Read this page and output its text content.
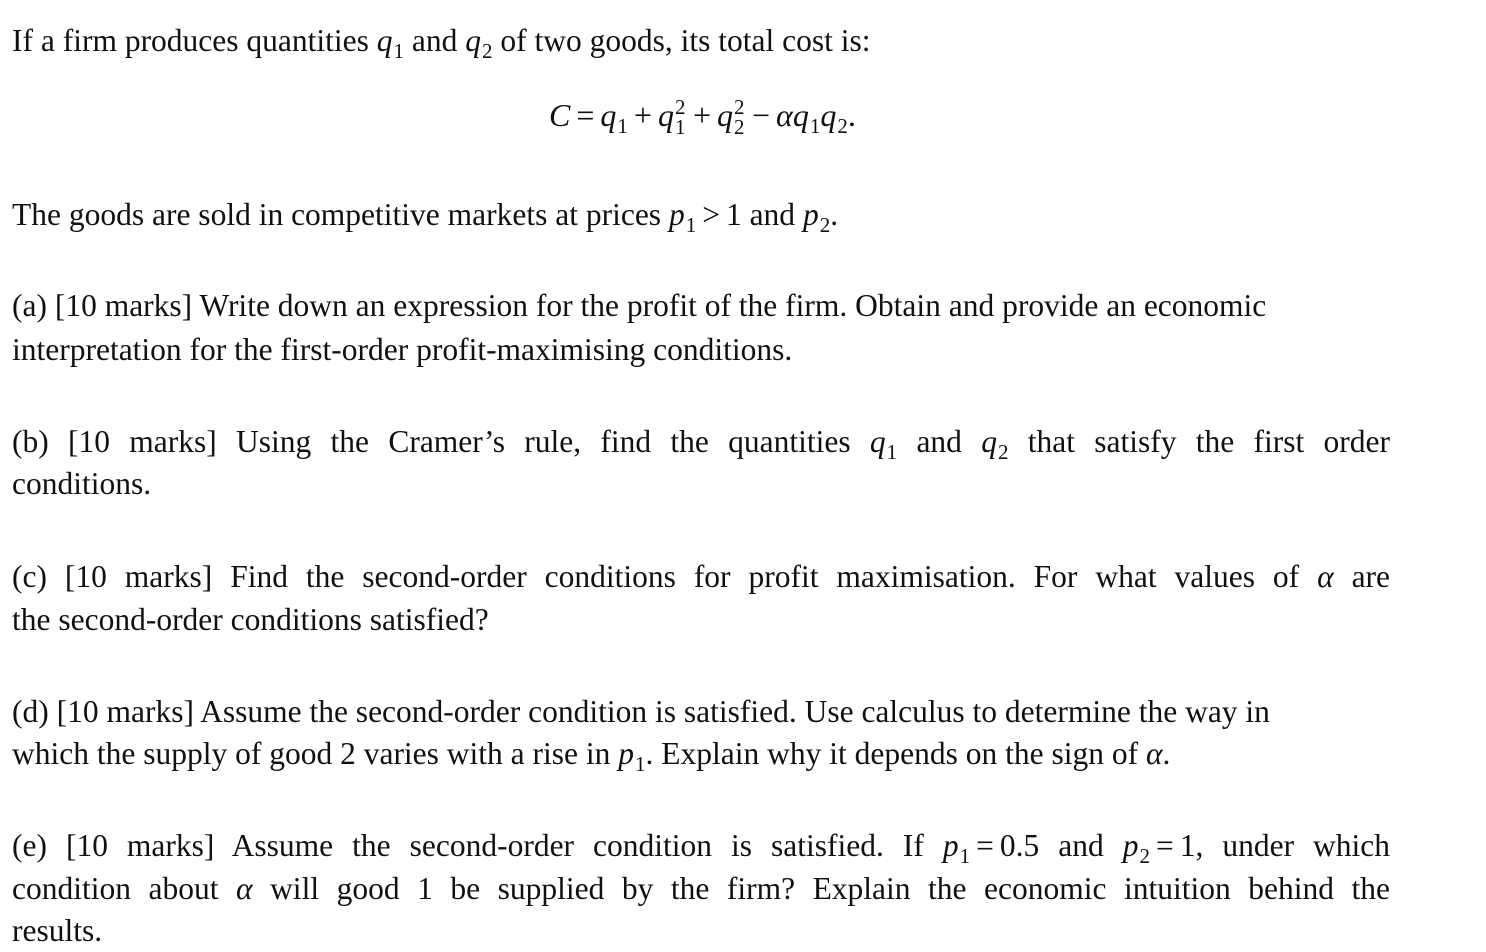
If a firm produces quantities $q_1$ and $q_2$ of two goods, its total cost is:
$C = q_1 + q$ 2
1 + q 2
$2 - \alpha q_1q_2$.
The goods are sold in competitive markets at prices $p_1 > 1$ and $p_2$.
(a) [10 marks] Write down an expression for the profit of the firm. Obtain and provide an economic
interpretation for the first-order profit-maximising conditions.
(b) [10 marks] Using the Cramer’s rule, find the quantities $q_1$ and $q_2$ that satisfy the first order
conditions.
(c) [10 marks] Find the second-order conditions for profit maximisation. For what values of α are
the second-order conditions satisfied?
(d) [10 marks] Assume the second-order condition is satisfied. Use calculus to determine the way in
which the supply of good 2 varies with a rise in $p_1$. Explain why it depends on the sign of α.
(e) [10 marks] Assume the second-order condition is satisfied. If $p_1 = 0.5$ and $p_2 = 1$, under which
condition about α will good 1 be supplied by the firm? Explain the economic intuition behind the
results.
